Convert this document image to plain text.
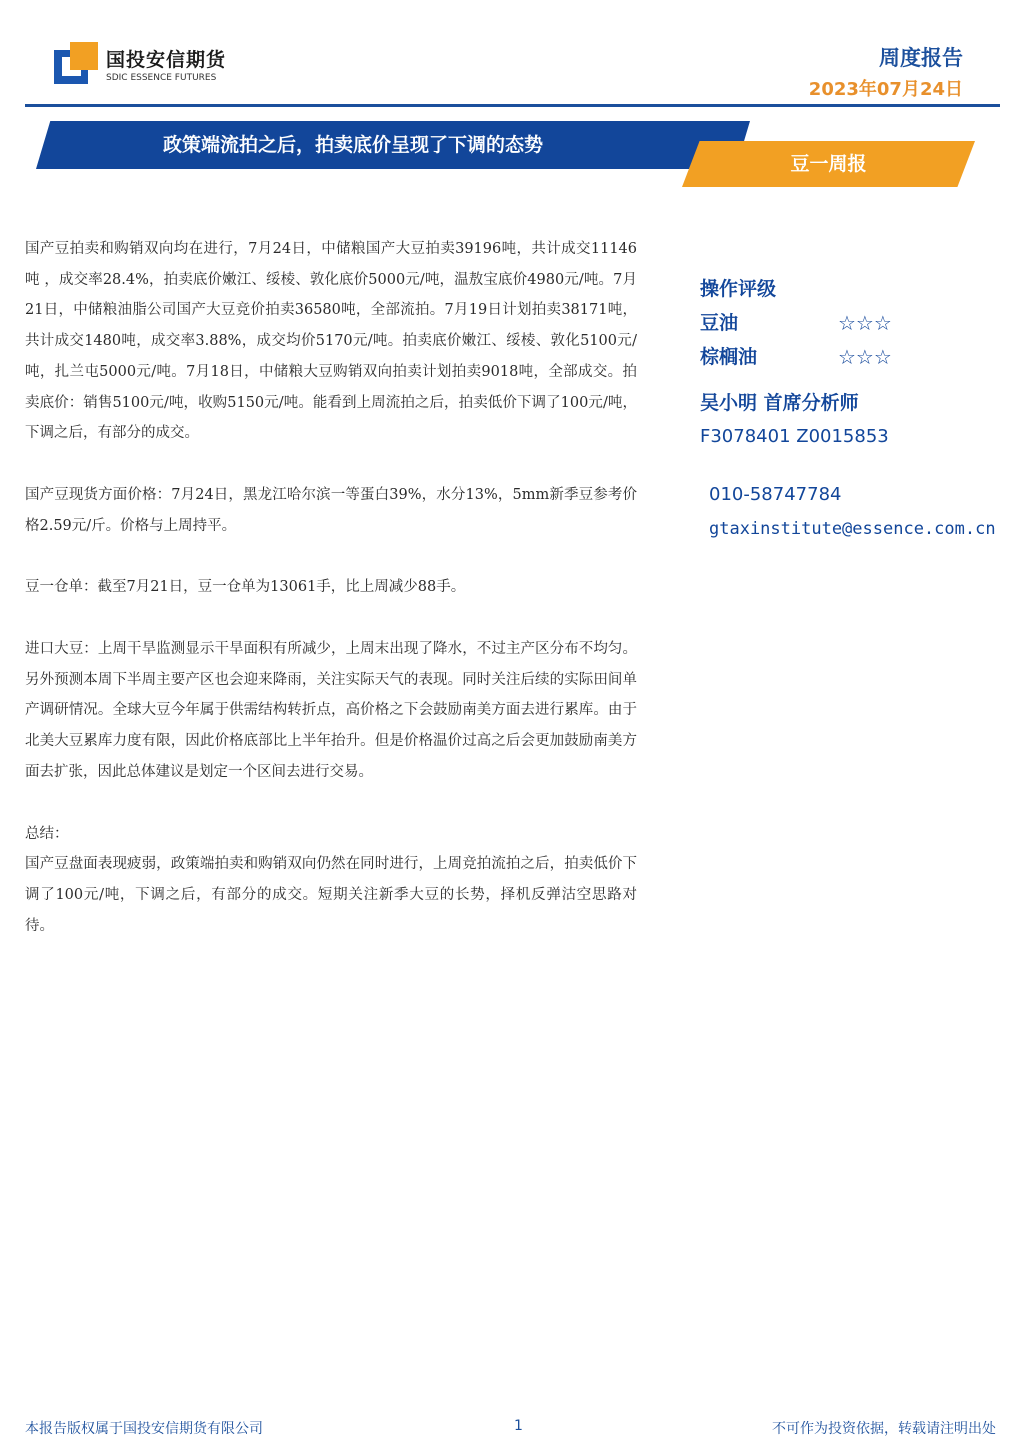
国投安信期货
SDIC ESSENCE FUTURES
周度报告
2023年07月24日
政策端流拍之后，拍卖底价呈现了下调的态势
豆一周报

国产豆拍卖和购销双向均在进行，7月24日，中储粮国产大豆拍卖39196吨，共计成交11146吨 ，成交率28.4%，拍卖底价嫩江、绥棱、敦化底价5000元/吨，温敖宝底价4980元/吨。7月21日，中储粮油脂公司国产大豆竞价拍卖36580吨，全部流拍。7月19日计划拍卖38171吨，共计成交1480吨，成交率3.88%，成交均价5170元/吨。拍卖底价嫩江、绥棱、敦化5100元/吨，扎兰屯5000元/吨。7月18日，中储粮大豆购销双向拍卖计划拍卖9018吨，全部成交。拍卖底价：销售5100元/吨，收购5150元/吨。能看到上周流拍之后，拍卖低价下调了100元/吨，下调之后，有部分的成交。

国产豆现货方面价格：7月24日，黑龙江哈尔滨一等蛋白39%，水分13%，5mm新季豆参考价格2.59元/斤。价格与上周持平。

豆一仓单：截至7月21日，豆一仓单为13061手，比上周减少88手。

进口大豆：上周干旱监测显示干旱面积有所减少，上周末出现了降水，不过主产区分布不均匀。另外预测本周下半周主要产区也会迎来降雨，关注实际天气的表现。同时关注后续的实际田间单产调研情况。全球大豆今年属于供需结构转折点，高价格之下会鼓励南美方面去进行累库。由于北美大豆累库力度有限，因此价格底部比上半年抬升。但是价格温价过高之后会更加鼓励南美方面去扩张，因此总体建议是划定一个区间去进行交易。

总结：

国产豆盘面表现疲弱，政策端拍卖和购销双向仍然在同时进行，上周竞拍流拍之后，拍卖低价下调了100元/吨，下调之后，有部分的成交。短期关注新季大豆的长势，择机反弹沽空思路对待。

操作评级
豆油	☆☆☆
棕榈油	☆☆☆
吴小明 首席分析师
F3078401 Z0015853
010-58747784
gtaxinstitute@essence.com.cn
本报告版权属于国投安信期货有限公司	1	不可作为投资依据，转载请注明出处
